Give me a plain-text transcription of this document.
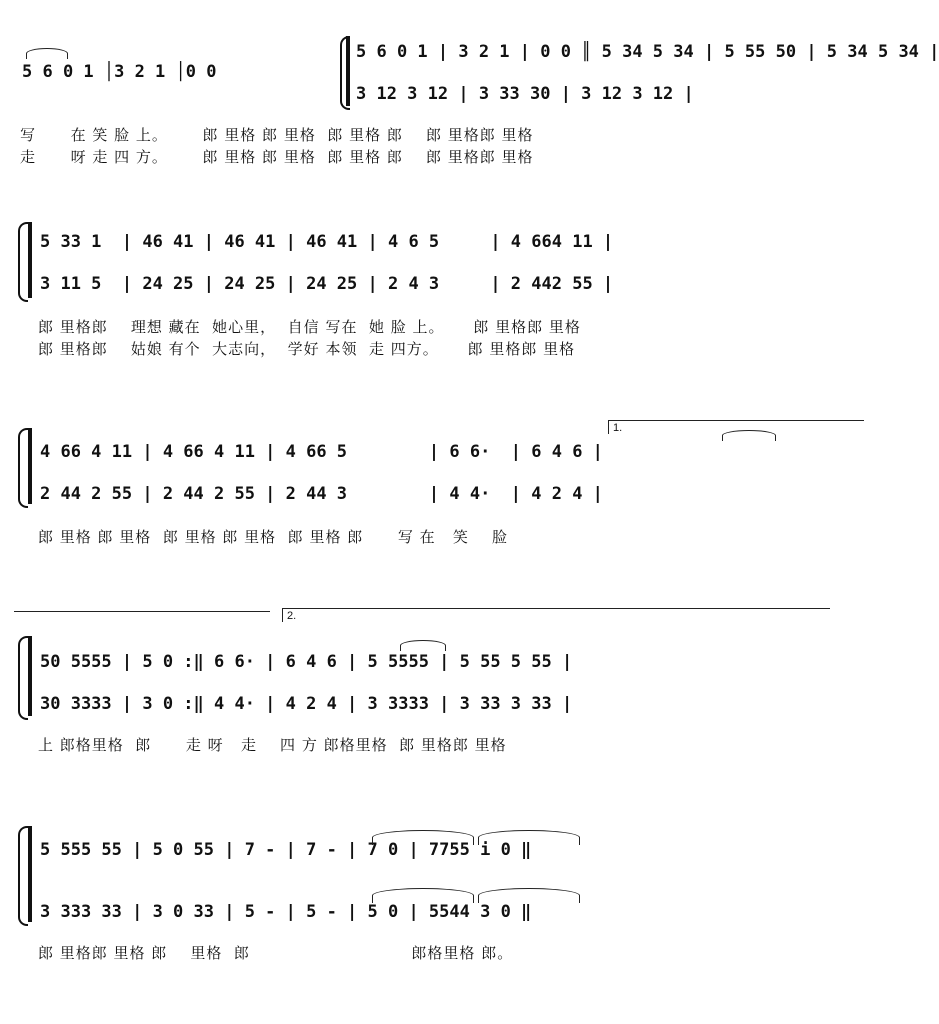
5 6 0 1 │3 2 1 │0 0
5 6 0 1 | 3 2 1 | 0 0 ║ 5 34 5 34 | 5 55 50 | 5 34 5 34 |
3 12 3 12 | 3 33 30 | 3 12 3 12 |
写      在 笑 脸 上。      郎 里格 郎 里格  郎 里格 郎    郎 里格郎 里格
走      呀 走 四 方。      郎 里格 郎 里格  郎 里格 郎    郎 里格郎 里格
5 33 1  | 46 41 | 46 41 | 46 41 | 4 6 5     | 4 664 11 |
3 11 5  | 24 25 | 24 25 | 24 25 | 2 4 3     | 2 442 55 |
郎 里格郎    理想 藏在  她心里，  自信 写在  她 脸 上。     郎 里格郎 里格
郎 里格郎    姑娘 有个  大志向，  学好 本领  走 四方。     郎 里格郎 里格
1.
4 66 4 11 | 4 66 4 11 | 4 66 5        | 6 6·  | 6 4 6 |
2 44 2 55 | 2 44 2 55 | 2 44 3        | 4 4·  | 4 2 4 |
郎 里格 郎 里格  郎 里格 郎 里格  郎 里格 郎      写 在   笑    脸
2.
50 5555 | 5 0 :‖ 6 6· | 6 4 6 | 5 5555 | 5 55 5 55 |
30 3333 | 3 0 :‖ 4 4· | 4 2 4 | 3 3333 | 3 33 3 33 |
上 郎格里格  郎      走 呀   走    四 方 郎格里格  郎 里格郎 里格
5 555 55 | 5 0 55 | 7 - | 7 - | 7 0 | 7755 i 0 ‖
3 333 33 | 3 0 33 | 5 - | 5 - | 5 0 | 5544 3 0 ‖
郎 里格郎 里格 郎    里格  郎                            郎格里格 郎。
